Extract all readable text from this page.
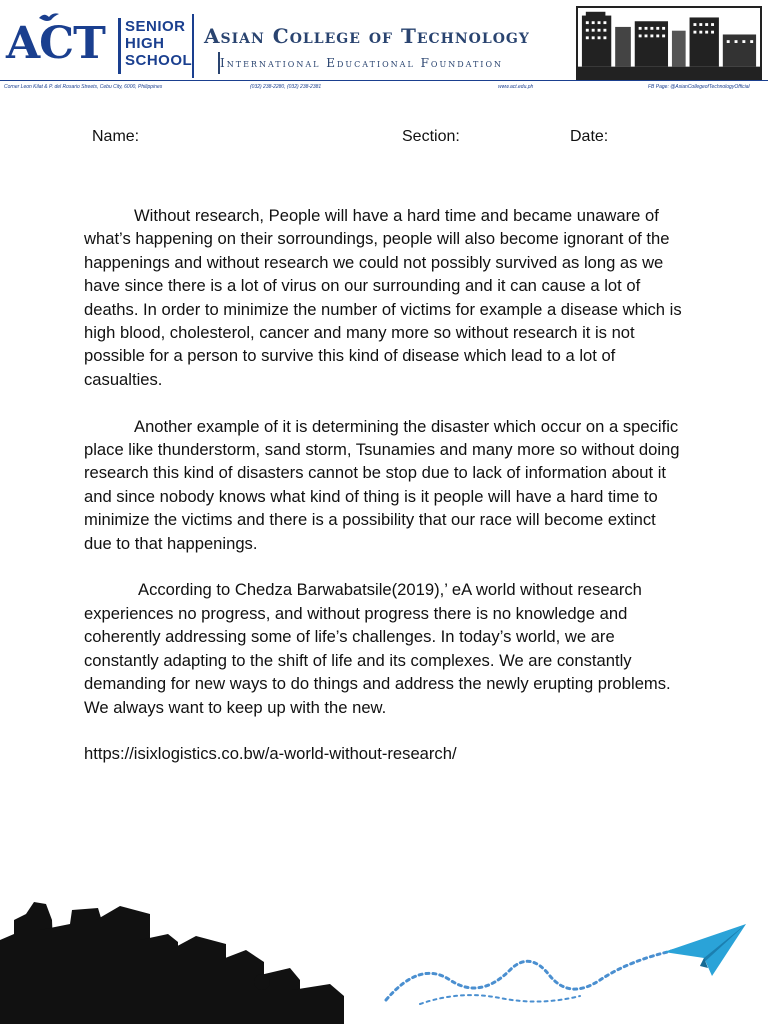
ACT SENIOR
HIGH
SCHOOL
Asian College of Technology
International Educational Foundation
Corner Leon Kilat & P. del Rosario Streets, Cebu City, 6000, Philippines	(032) 238-2280, (032) 238-2381	www.act.edu.ph	FB Page: @AsianCollegeofTechnologyOfficial
Name:	Section:	Date:

Without research, People will have a hard time and became unaware of what’s happening on their sorroundings, people will also become ignorant of the happenings and without research we could not possibly survived as long as we have since there is a lot of virus on our surrounding and it can cause a lot of deaths. In order to minimize the number of victims for example a disease which is high blood, cholesterol, cancer and many more so without research it is not possible for a person to survive this kind of disease which lead to a lot of casualties.

Another example of it is determining the disaster which occur on a specific place like thunderstorm, sand storm, Tsunamies and many more so without doing research this kind of disasters cannot be stop due to lack of information about it and since nobody knows what kind of thing is it people will have a hard time to minimize the victims and there is a possibility that our race will become extinct due to that happenings.

According to Chedza Barwabatsile(2019),’ eA world without research experiences no progress, and without progress there is no knowledge and coherently addressing some of life’s challenges. In today’s world, we are constantly adapting to the shift of life and its complexes. We are constantly demanding for new ways to do things and address the newly erupting problems. We always want to keep up with the new.

https://isixlogistics.co.bw/a-world-without-research/
